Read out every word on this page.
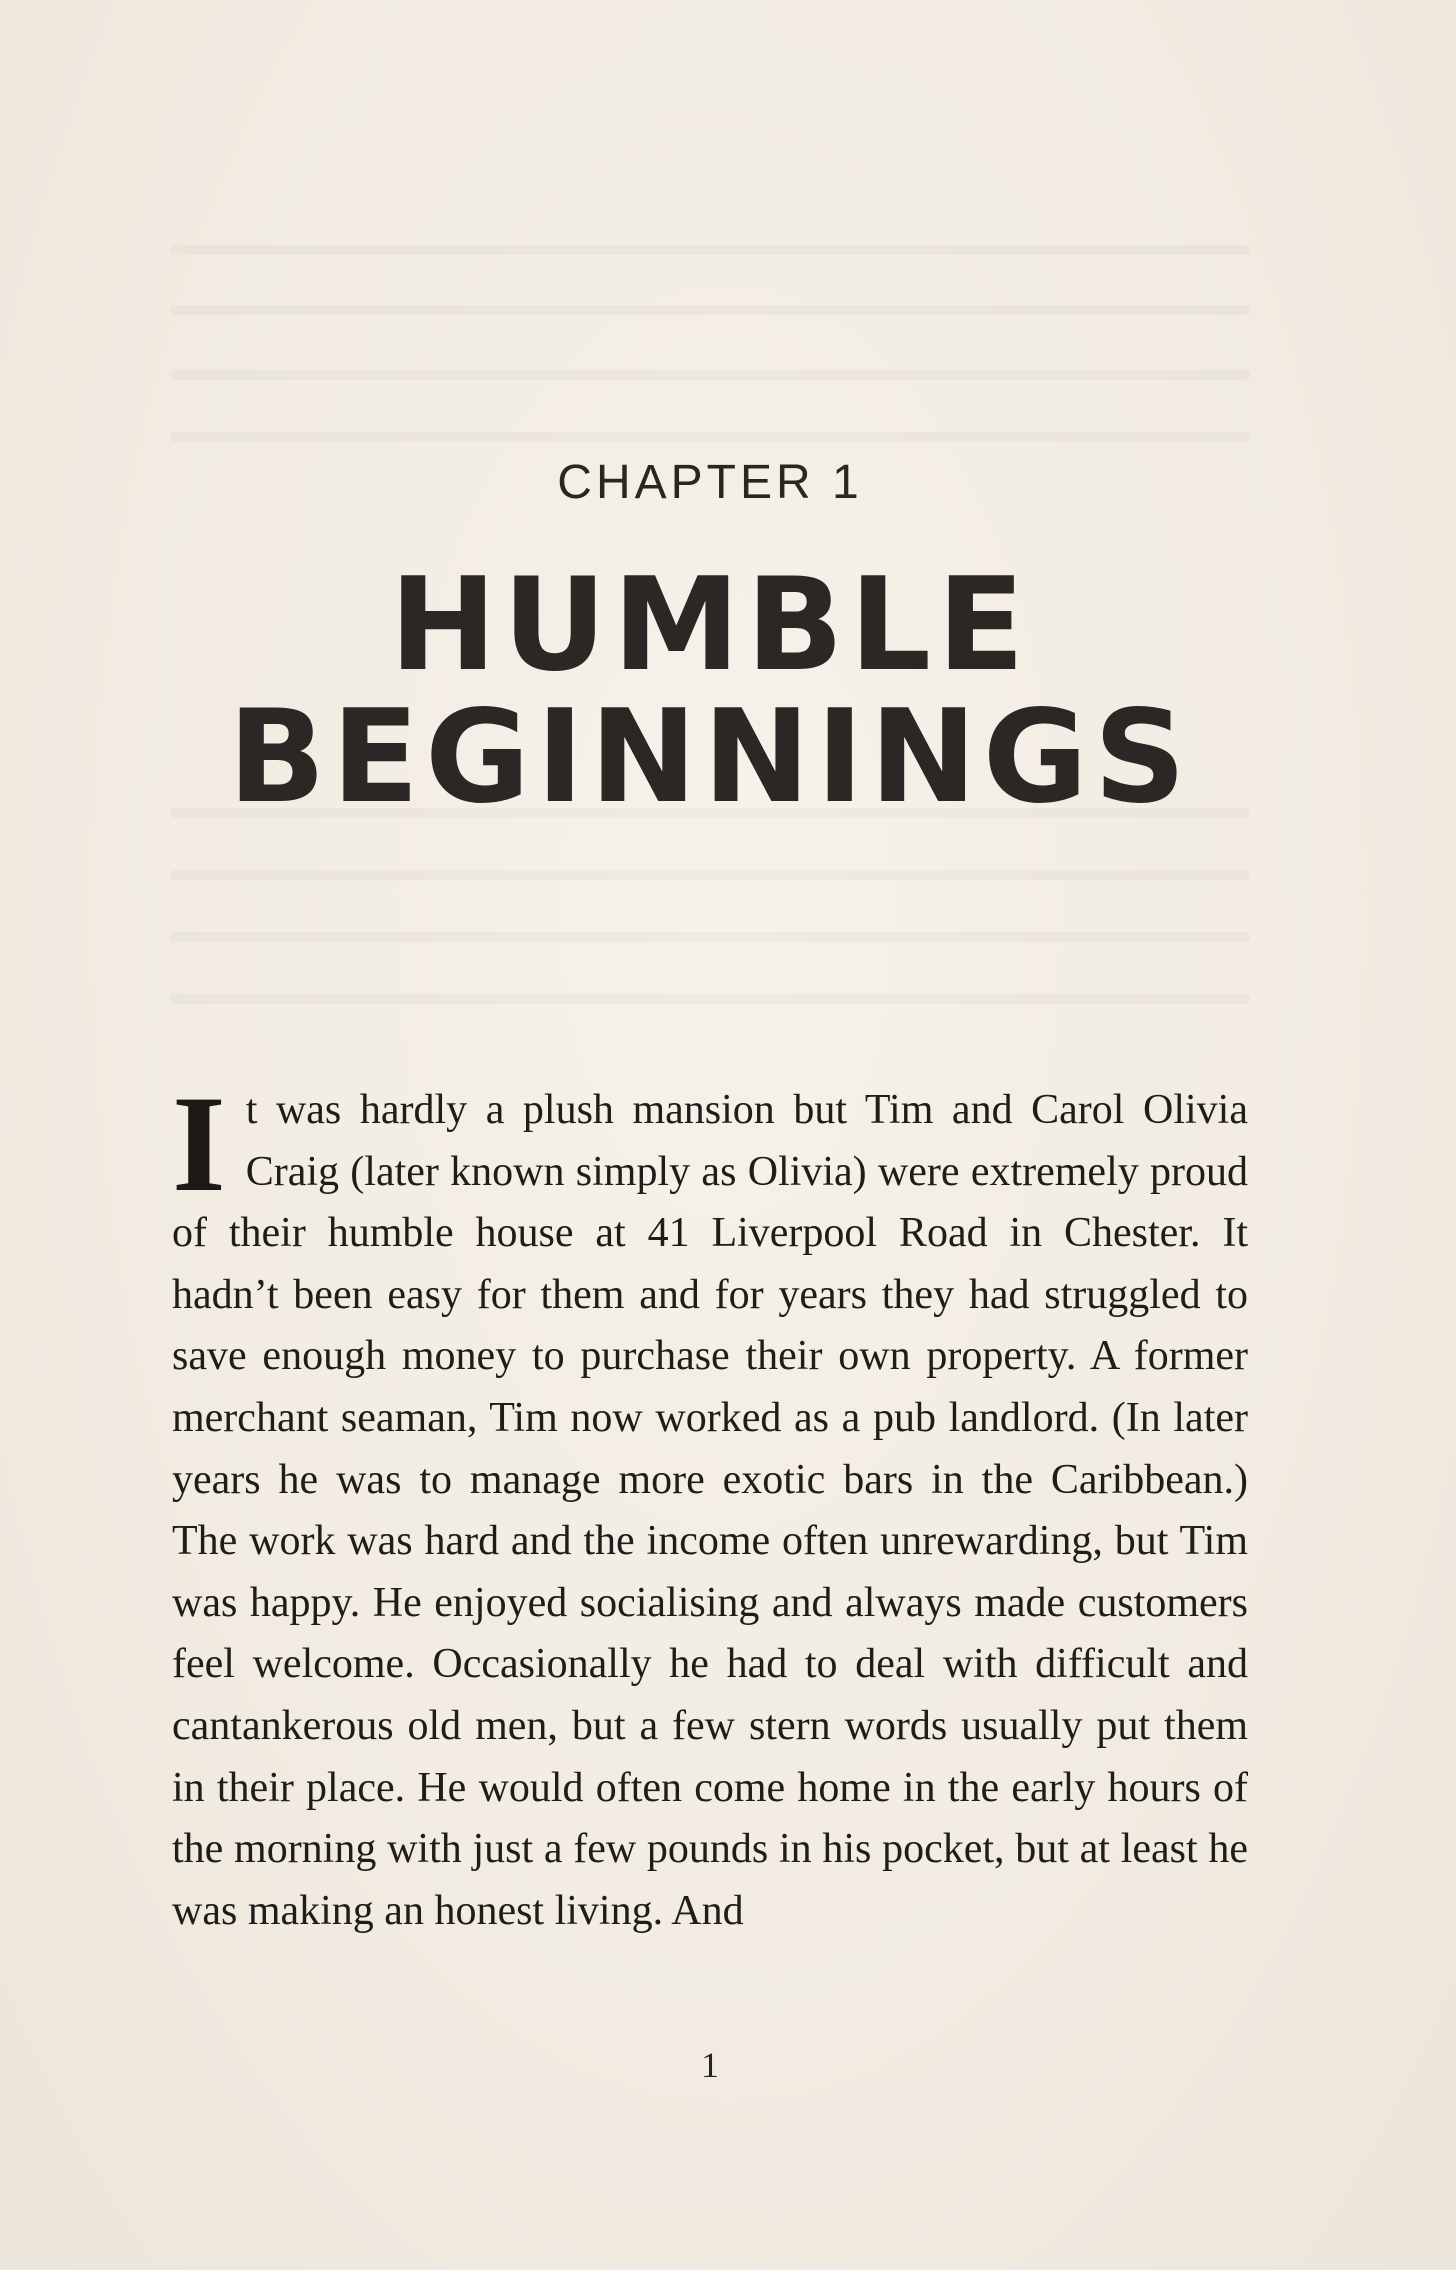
CHAPTER 1
HUMBLE
BEGINNINGS

It was hardly a plush mansion but Tim and Carol Olivia Craig (later known simply as Olivia) were extremely proud of their humble house at 41 Liverpool Road in Chester. It hadn’t been easy for them and for years they had struggled to save enough money to purchase their own property. A former merchant seaman, Tim now worked as a pub landlord. (In later years he was to manage more exotic bars in the Caribbean.) The work was hard and the income often unrewarding, but Tim was happy. He enjoyed socialising and always made customers feel welcome. Occasionally he had to deal with difficult and cantankerous old men, but a few stern words usually put them in their place. He would often come home in the early hours of the morning with just a few pounds in his pocket, but at least he was making an honest living. And

1
